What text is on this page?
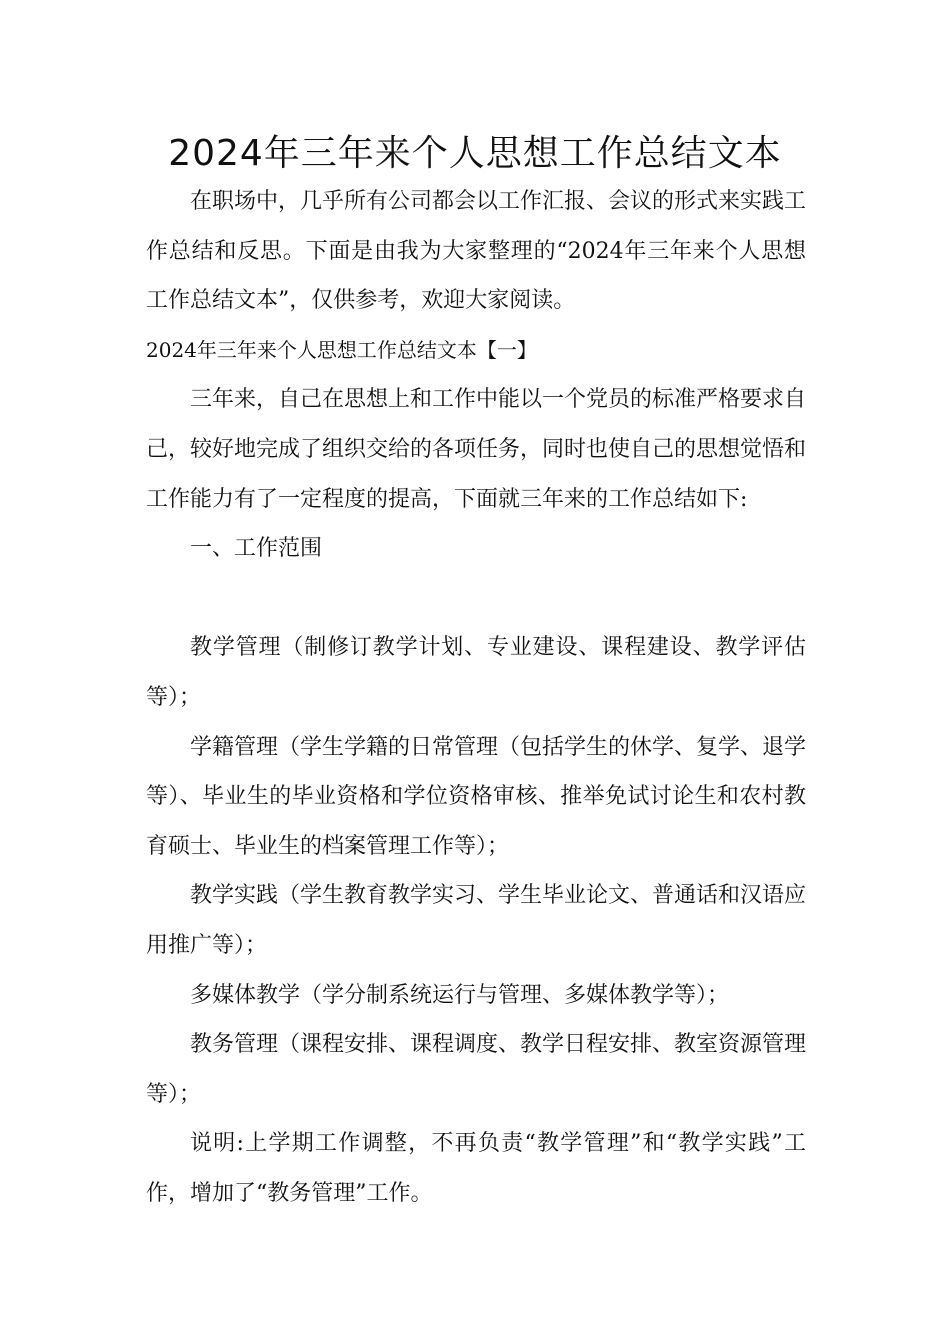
2024年三年来个人思想工作总结文本

在职场中，几乎所有公司都会以工作汇报、会议的形式来实践工作总结和反思。下面是由我为大家整理的“2024年三年来个人思想工作总结文本”，仅供参考，欢迎大家阅读。

2024年三年来个人思想工作总结文本【一】

三年来，自己在思想上和工作中能以一个党员的标准严格要求自己，较好地完成了组织交给的各项任务，同时也使自己的思想觉悟和工作能力有了一定程度的提高，下面就三年来的工作总结如下:

一、工作范围

教学管理（制修订教学计划、专业建设、课程建设、教学评估等）；

学籍管理（学生学籍的日常管理（包括学生的休学、复学、退学等）、毕业生的毕业资格和学位资格审核、推举免试讨论生和农村教育硕士、毕业生的档案管理工作等）；

教学实践（学生教育教学实习、学生毕业论文、普通话和汉语应用推广等）；

多媒体教学（学分制系统运行与管理、多媒体教学等）；

教务管理（课程安排、课程调度、教学日程安排、教室资源管理等）；

说明:上学期工作调整，不再负责“教学管理”和“教学实践”工作，增加了“教务管理”工作。
